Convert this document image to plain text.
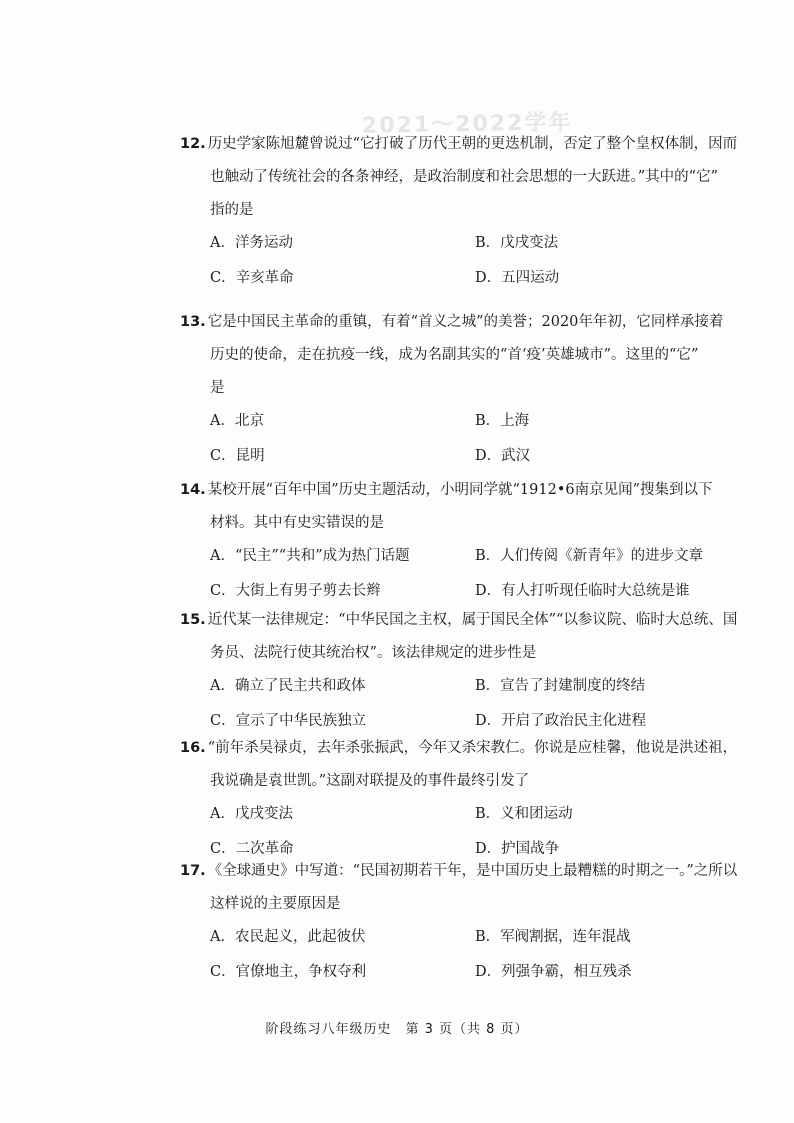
2021～2022学年
12. 历史学家陈旭麓曾说过“它打破了历代王朝的更迭机制，否定了整个皇权体制，因而
也触动了传统社会的各条神经，是政治制度和社会思想的一大跃进。”其中的“它”
指的是
A．洋务运动	B．戊戌变法
C．辛亥革命	D．五四运动
13. 它是中国民主革命的重镇，有着“首义之城”的美誉；2020年年初，它同样承接着
历史的使命，走在抗疫一线，成为名副其实的“首‘疫’英雄城市”。这里的“它”
是
A．北京	B．上海
C．昆明	D．武汉
14. 某校开展“百年中国”历史主题活动，小明同学就“1912•6南京见闻”搜集到以下
材料。其中有史实错误的是
A．“民主”“共和”成为热门话题	B．人们传阅《新青年》的进步文章
C．大街上有男子剪去长辫	D．有人打听现任临时大总统是谁
15. 近代某一法律规定：“中华民国之主权，属于国民全体”“以参议院、临时大总统、国
务员、法院行使其统治权”。该法律规定的进步性是
A．确立了民主共和政体	B．宣告了封建制度的终结
C．宣示了中华民族独立	D．开启了政治民主化进程
16. “前年杀吴禄贞，去年杀张振武，今年又杀宋教仁。你说是应桂馨，他说是洪述祖，
我说确是袁世凯。”这副对联提及的事件最终引发了
A．戊戌变法	B．义和团运动
C．二次革命	D．护国战争
17. 《全球通史》中写道：“民国初期若干年，是中国历史上最糟糕的时期之一。”之所以
这样说的主要原因是
A．农民起义，此起彼伏	B．军阀割据，连年混战
C．官僚地主，争权夺利	D．列强争霸，相互残杀
阶段练习八年级历史　第 3 页（共 8 页）
